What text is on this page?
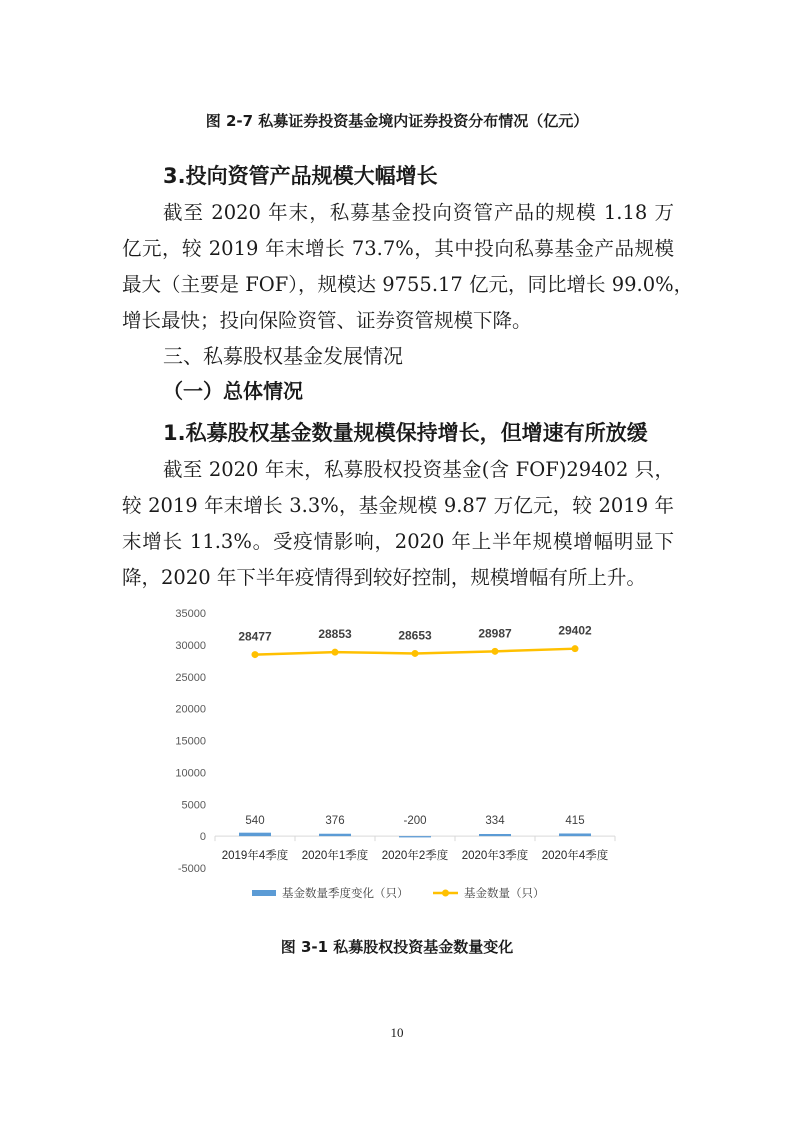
图 2-7 私募证券投资基金境内证券投资分布情况（亿元）
3.投向资管产品规模大幅增长
截至 2020 年末，私募基金投向资管产品的规模 1.18 万
亿元，较 2019 年末增长 73.7%，其中投向私募基金产品规模
最大（主要是 FOF），规模达 9755.17 亿元，同比增长 99.0%，
增长最快；投向保险资管、证券资管规模下降。
三、私募股权基金发展情况
（一）总体情况
1.私募股权基金数量规模保持增长，但增速有所放缓
截至 2020 年末，私募股权投资基金(含 FOF)29402 只，
较 2019 年末增长 3.3%，基金规模 9.87 万亿元，较 2019 年
末增长 11.3%。受疫情影响，2020 年上半年规模增幅明显下
降，2020 年下半年疫情得到较好控制，规模增幅有所上升。
-5000
0
5000
10000
15000
20000
25000
30000
35000
2019年4季度 2020年1季度 2020年2季度 2020年3季度 2020年4季度
540	376	-200	334	415
28477	28853	28653	28987	29402
基金数量季度变化（只）	基金数量（只）
图 3-1 私募股权投资基金数量变化
10
